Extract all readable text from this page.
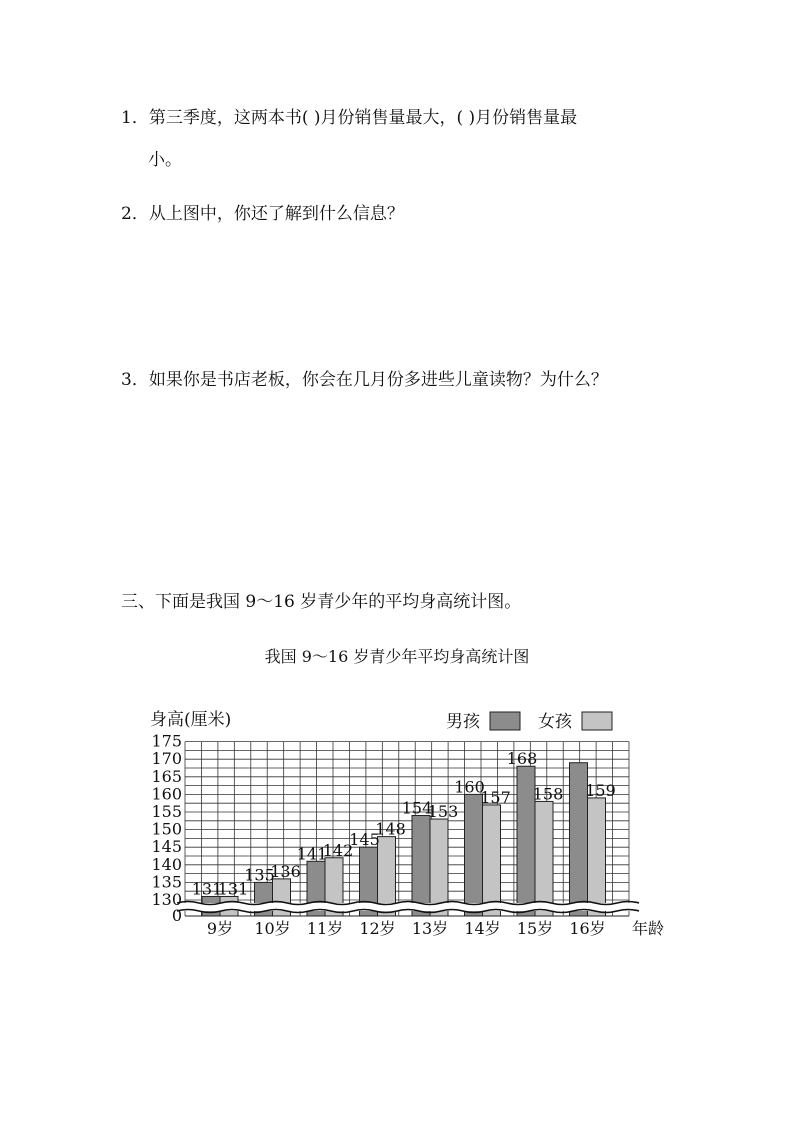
1．第三季度，这两本书( )月份销售量最大，( )月份销售量最
小。
2．从上图中，你还了解到什么信息？
3．如果你是书店老板，你会在几月份多进些儿童读物？为什么？
三、下面是我国 9～16 岁青少年的平均身高统计图。
我国 9～16 岁青少年平均身高统计图
131
131
9岁
135
136
10岁
141
142
11岁
145
148
12岁
154
153
13岁
160
157
14岁
168
158
15岁
159
16岁
175
170
165
160
155
150
145
140
135
130
0
身高(厘米)
年龄
男孩	女孩
